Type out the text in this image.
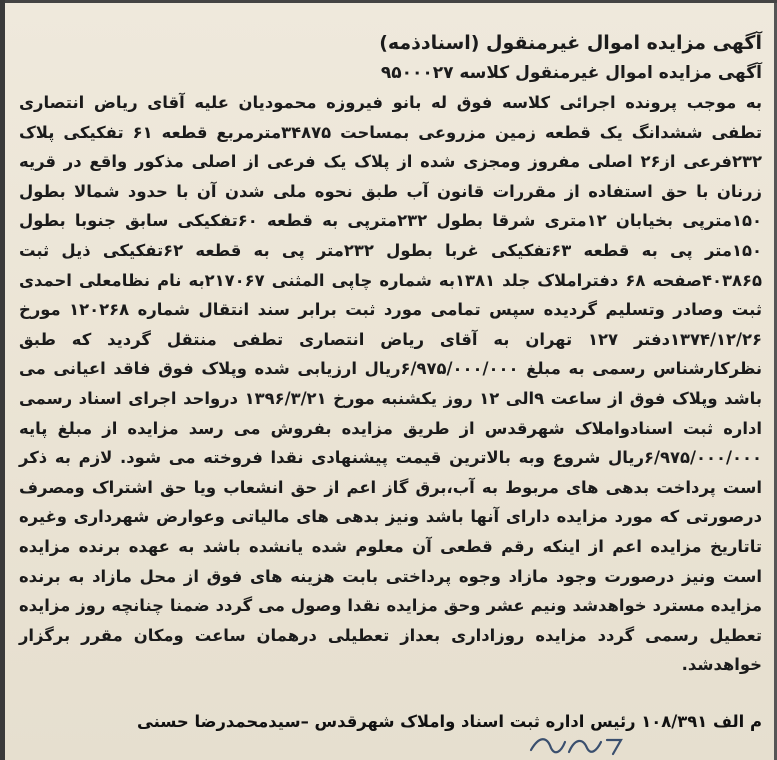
آگهی مزایده اموال غیرمنقول (اسنادذمه)

آگهی مزایده اموال غیرمنقول کلاسه ۹۵۰۰۰۲۷

به موجب پرونده اجرائی کلاسه فوق له بانو فیروزه محمودیان علیه آقای ریاض انتصاری تطفی ششدانگ یک قطعه زمین مزروعی بمساحت ۳۴۸۷۵مترمربع قطعه ۶۱ تفکیکی پلاک ۲۳۲فرعی از۲۶ اصلی مفروز ومجزی شده از پلاک یک فرعی از اصلی مذکور واقع در قریه زرنان با حق استفاده از مقررات قانون آب طبق نحوه ملی شدن آن با حدود شمالا بطول ۱۵۰مترپی بخیابان ۱۲متری شرقا بطول ۲۳۲مترپی به قطعه ۶۰تفکیکی سابق جنوبا بطول ۱۵۰متر پی به قطعه ۶۳تفکیکی غربا بطول ۲۳۲متر پی به قطعه ۶۲تفکیکی ذیل ثبت ۴۰۳۸۶۵صفحه ۶۸ دفتراملاک جلد ۱۳۸۱به شماره چاپی المثنی ۲۱۷۰۶۷به نام نظامعلی احمدی ثبت وصادر وتسلیم گردیده سپس تمامی مورد ثبت برابر سند انتقال شماره ۱۲۰۲۶۸ مورخ ۱۳۷۴/۱۲/۲۶دفتر ۱۲۷ تهران به آقای ریاض انتصاری تطفی منتقل گردید که طبق نظرکارشناس رسمی به مبلغ ۶/۹۷۵/۰۰۰/۰۰۰ریال ارزیابی شده وپلاک فوق فاقد اعیانی می باشد وپلاک فوق از ساعت ۹الی ۱۲ روز یکشنبه مورخ ۱۳۹۶/۳/۲۱ درواحد اجرای اسناد رسمی اداره ثبت اسنادواملاک شهرقدس از طریق مزایده بفروش می رسد مزایده از مبلغ پایه ۶/۹۷۵/۰۰۰/۰۰۰ریال شروع وبه بالاترین قیمت پیشنهادی نقدا فروخته می شود. لازم به ذکر است پرداخت بدهی های مربوط به آب،برق گاز اعم از حق انشعاب ویا حق اشتراک ومصرف درصورتی که مورد مزایده دارای آنها باشد ونیز بدهی های مالیاتی وعوارض شهرداری وغیره تاتاریخ مزایده اعم از اینکه رقم قطعی آن معلوم شده یانشده باشد به عهده برنده مزایده است ونیز درصورت وجود مازاد وجوه پرداختی بابت هزینه های فوق از محل مازاد به برنده مزایده مسترد خواهدشد ونیم عشر وحق مزایده نقدا وصول می گردد ضمنا چنانچه روز مزایده تعطیل رسمی گردد مزایده روزاداری بعداز تعطیلی درهمان ساعت ومکان مقرر برگزار خواهدشد.

م الف ۱۰۸/۳۹۱ رئیس اداره ثبت اسناد واملاک شهرقدس –سیدمحمدرضا حسنی
